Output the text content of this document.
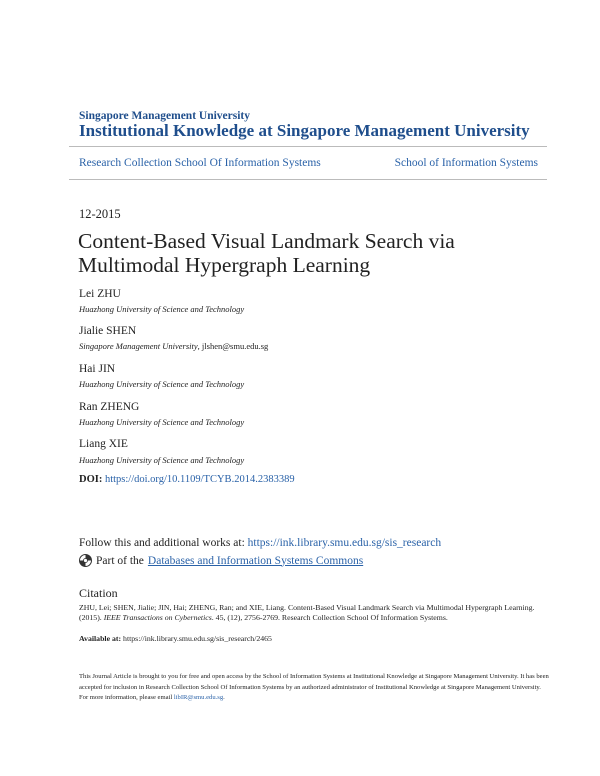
Singapore Management University
Institutional Knowledge at Singapore Management University
Research Collection School Of Information Systems	School of Information Systems
12-2015
Content-Based Visual Landmark Search via Multimodal Hypergraph Learning
Lei ZHU
Huazhong University of Science and Technology
Jialie SHEN
Singapore Management University, jlshen@smu.edu.sg
Hai JIN
Huazhong University of Science and Technology
Ran ZHENG
Huazhong University of Science and Technology
Liang XIE
Huazhong University of Science and Technology
DOI: https://doi.org/10.1109/TCYB.2014.2383389
Follow this and additional works at: https://ink.library.smu.edu.sg/sis_research
Part of the Databases and Information Systems Commons
Citation
ZHU, Lei; SHEN, Jialie; JIN, Hai; ZHENG, Ran; and XIE, Liang. Content-Based Visual Landmark Search via Multimodal Hypergraph Learning. (2015). IEEE Transactions on Cybernetics. 45, (12), 2756-2769. Research Collection School Of Information Systems.
Available at: https://ink.library.smu.edu.sg/sis_research/2465
This Journal Article is brought to you for free and open access by the School of Information Systems at Institutional Knowledge at Singapore Management University. It has been accepted for inclusion in Research Collection School Of Information Systems by an authorized administrator of Institutional Knowledge at Singapore Management University. For more information, please email libIR@smu.edu.sg.
